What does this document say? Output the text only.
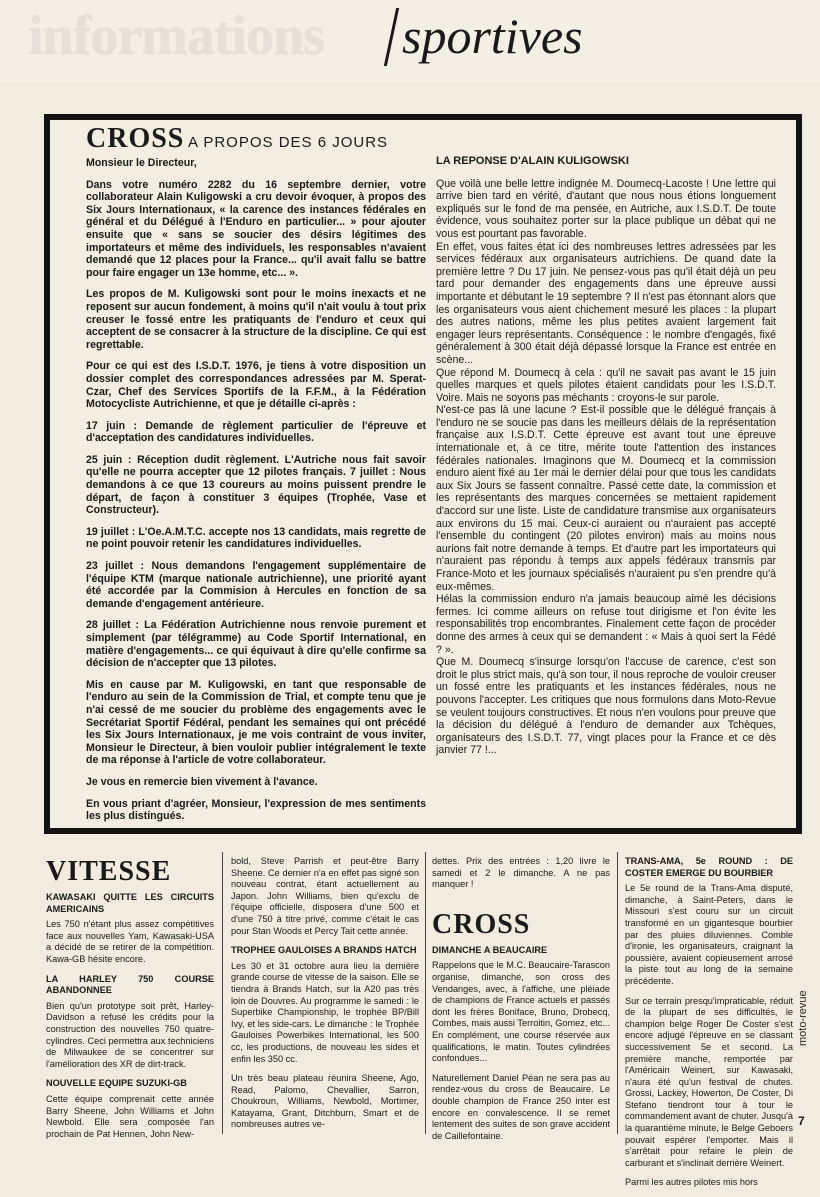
informations sportives
CROSS A PROPOS DES 6 JOURS

Monsieur le Directeur,

Dans votre numéro 2282 du 16 septembre dernier, votre collaborateur Alain Kuligowski a cru devoir évoquer, à propos des Six Jours Internationaux, « la carence des instances fédérales en général et du Délégué à l'Enduro en particulier... » pour ajouter ensuite que « sans se soucier des désirs légitimes des importateurs et même des individuels, les responsables n'avaient demandé que 12 places pour la France... qu'il avait fallu se battre pour faire engager un 13e homme, etc... ».

Les propos de M. Kuligowski sont pour le moins inexacts et ne reposent sur aucun fondement, à moins qu'il n'ait voulu à tout prix creuser le fossé entre les pratiquants de l'enduro et ceux qui acceptent de se consacrer à la structure de la discipline. Ce qui est regrettable.

Pour ce qui est des I.S.D.T. 1976, je tiens à votre disposition un dossier complet des correspondances adressées par M. Sperat-Czar, Chef des Services Sportifs de la F.F.M., à la Fédération Motocycliste Autrichienne, et que je détaille ci-après :

17 juin : Demande de règlement particulier de l'épreuve et d'acceptation des candidatures individuelles.

25 juin : Réception dudit règlement. L'Autriche nous fait savoir qu'elle ne pourra accepter que 12 pilotes français. 7 juillet : Nous demandons à ce que 13 coureurs au moins puissent prendre le départ, de façon à constituer 3 équipes (Trophée, Vase et Constructeur).

19 juillet : L'Oe.A.M.T.C. accepte nos 13 candidats, mais regrette de ne point pouvoir retenir les candidatures individuelles.

23 juillet : Nous demandons l'engagement supplémentaire de l'équipe KTM (marque nationale autrichienne), une priorité ayant été accordée par la Commision à Hercules en fonction de sa demande d'engagement antérieure.

28 juillet : La Fédération Autrichienne nous renvoie purement et simplement (par télégramme) au Code Sportif International, en matière d'engagements... ce qui équivaut à dire qu'elle confirme sa décision de n'accepter que 13 pilotes.

Mis en cause par M. Kuligowski, en tant que responsable de l'enduro au sein de la Commission de Trial, et compte tenu que je n'ai cessé de me soucier du problème des engagements avec le Secrétariat Sportif Fédéral, pendant les semaines qui ont précédé les Six Jours Internationaux, je me vois contraint de vous inviter, Monsieur le Directeur, à bien vouloir publier intégralement le texte de ma réponse à l'article de votre collaborateur.

Je vous en remercie bien vivement à l'avance.

En vous priant d'agréer, Monsieur, l'expression de mes sentiments les plus distingués.

LA REPONSE D'ALAIN KULIGOWSKI

Que voilà une belle lettre indignée M. Doumecq-Lacoste ! Une lettre qui arrive bien tard en vérité, d'autant que nous nous étions longuement expliqués sur le fond de ma pensée, en Autriche, aux I.S.D.T. De toute évidence, vous souhaitez porter sur la place publique un débat qui ne vous est pourtant pas favorable.

En effet, vous faites état ici des nombreuses lettres adressées par les services fédéraux aux organisateurs autrichiens. De quand date la première lettre ? Du 17 juin. Ne pensez-vous pas qu'il était déjà un peu tard pour demander des engagements dans une épreuve aussi importante et débutant le 19 septembre ? Il n'est pas étonnant alors que les organisateurs vous aient chichement mesuré les places : la plupart des autres nations, même les plus petites avaient largement fait engager leurs représentants. Conséquence : le nombre d'engagés, fixé généralement à 300 était déjà dépassé lorsque la France est entrée en scène...

Que répond M. Doumecq à cela : qu'il ne savait pas avant le 15 juin quelles marques et quels pilotes étaient candidats pour les I.S.D.T. Voire. Mais ne soyons pas méchants : croyons-le sur parole.

N'est-ce pas là une lacune ? Est-il possible que le délégué français à l'enduro ne se soucie pas dans les meilleurs délais de la représentation française aux I.S.D.T. Cette épreuve est avant tout une épreuve internationale et, à ce titre, mérite toute l'attention des instances fédérales nationales. Imaginons que M. Doumecq et la commission enduro aient fixé au 1er mai le dernier délai pour que tous les candidats aux Six Jours se fassent connaître. Passé cette date, la commission et les représentants des marques concernées se mettaient rapidement d'accord sur une liste. Liste de candidature transmise aux organisateurs aux environs du 15 mai. Ceux-ci auraient ou n'auraient pas accepté l'ensemble du contingent (20 pilotes environ) mais au moins nous aurions fait notre demande à temps. Et d'autre part les importateurs qui n'auraient pas répondu à temps aux appels fédéraux transmis par France-Moto et les journaux spécialisés n'auraient pu s'en prendre qu'à eux-mêmes.

Hélas la commission enduro n'a jamais beaucoup aimé les décisions fermes. Ici comme ailleurs on refuse tout dirigisme et l'on évite les responsabilités trop encombrantes. Finalement cette façon de procéder donne des armes à ceux qui se demandent : « Mais à quoi sert la Fédé ? ».

Que M. Doumecq s'insurge lorsqu'on l'accuse de carence, c'est son droit le plus strict mais, qu'à son tour, il nous reproche de vouloir creuser un fossé entre les pratiquants et les instances fédérales, nous ne pouvons l'accepter. Les critiques que nous formulons dans Moto-Revue se veulent toujours constructives. Et nous n'en voulons pour preuve que la décision du délégué à l'enduro de demander aux Tchèques, organisateurs des I.S.D.T. 77, vingt places pour la France et ce dès janvier 77 !...

VITESSE
KAWASAKI QUITTE LES CIRCUITS AMERICAINS

Les 750 n'étant plus assez compétitives face aux nouvelles Yam, Kawasaki-USA a décidé de se retirer de la compétition. Kawa-GB hésite encore.

LA HARLEY 750 COURSE ABANDONNEE

Bien qu'un prototype soit prêt, Harley-Davidson a refusé les crédits pour la construction des nouvelles 750 quatre-cylindres. Ceci permettra aux techniciens de Milwaukee de se concentrer sur l'amélioration des XR de dirt-track.

NOUVELLE EQUIPE SUZUKI-GB

Cette équipe comprenait cette année Barry Sheene, John Williams et John Newbold. Elle sera composée l'an prochain de Pat Hennen, John New-

bold, Steve Parrish et peut-être Barry Sheene. Ce dernier n'a en effet pas signé son nouveau contrat, étant actuellement au Japon. John Williams, bien qu'exclu de l'équipe officielle, disposera d'une 500 et d'une 750 à titre privé, comme c'était le cas pour Stan Woods et Percy Tait cette année.

TROPHEE GAULOISES A BRANDS HATCH

Les 30 et 31 octobre aura lieu la dernière grande course de vitesse de la saison. Elle se tiendra à Brands Hatch, sur la A20 pas très loin de Douvres. Au programme le samedi : le Superbike Championship, le trophée BP/Bill Ivy, et les side-cars. Le dimanche : le Trophée Gauloises Powerbikes International, les 500 cc, les productions, de nouveau les sides et enfin les 350 cc.

Un très beau plateau réunira Sheene, Ago, Read, Palomo, Chevallier, Sarron, Choukroun, Williams, Newbold, Mortimer, Katayama, Grant, Ditchburn, Smart et de nombreuses autres ve-

dettes. Prix des entrées : 1,20 livre le samedi et 2 le dimanche. A ne pas manquer !

CROSS
DIMANCHE A BEAUCAIRE

Rappelons que le M.C. Beaucaire-Tarascon organise, dimanche, son cross des Vendanges, avec, à l'affiche, une pléiade de champions de France actuels et passés dont les frères Boniface, Bruno, Drobecq, Combes, mais aussi Terroitin, Gomez, etc... En complément, une course réservée aux qualifications, le matin. Toutes cylindrées confondues...

Naturellement Daniel Péan ne sera pas au rendez-vous du cross de Beaucaire. Le double champion de France 250 inter est encore en convalescence. Il se remet lentement des suites de son grave accident de Caillefontaine.

TRANS-AMA, 5e ROUND : DE COSTER EMERGE DU BOURBIER

Le 5e round de la Trans-Ama disputé, dimanche, à Saint-Peters, dans le Missouri s'est couru sur un circuit transformé en un gigantesque bourbier par des pluies diluviennes. Comble d'ironie, les organisateurs, craignant la poussière, avaient copieusement arrosé la piste tout au long de la semaine précédente.

Sur ce terrain presqu'impraticable, réduit de la plupart de ses difficultés, le champion belge Roger De Coster s'est encore adjugé l'épreuve en se classant successivement 5e et second. La première manche, remportée par l'Américain Weinert, sur Kawasaki, n'aura été qu'un festival de chutes. Grossi, Lackey, Howerton, De Coster, Di Stefano tiendront tour à tour le commandement avant de chuter. Jusqu'à la quarantième minute, le Belge Geboers pouvait espérer l'emporter. Mais il s'arrêtait pour refaire le plein de carburant et s'inclinait derrière Weinert.

Parmi les autres pilotes mis hors

moto-revue
7
